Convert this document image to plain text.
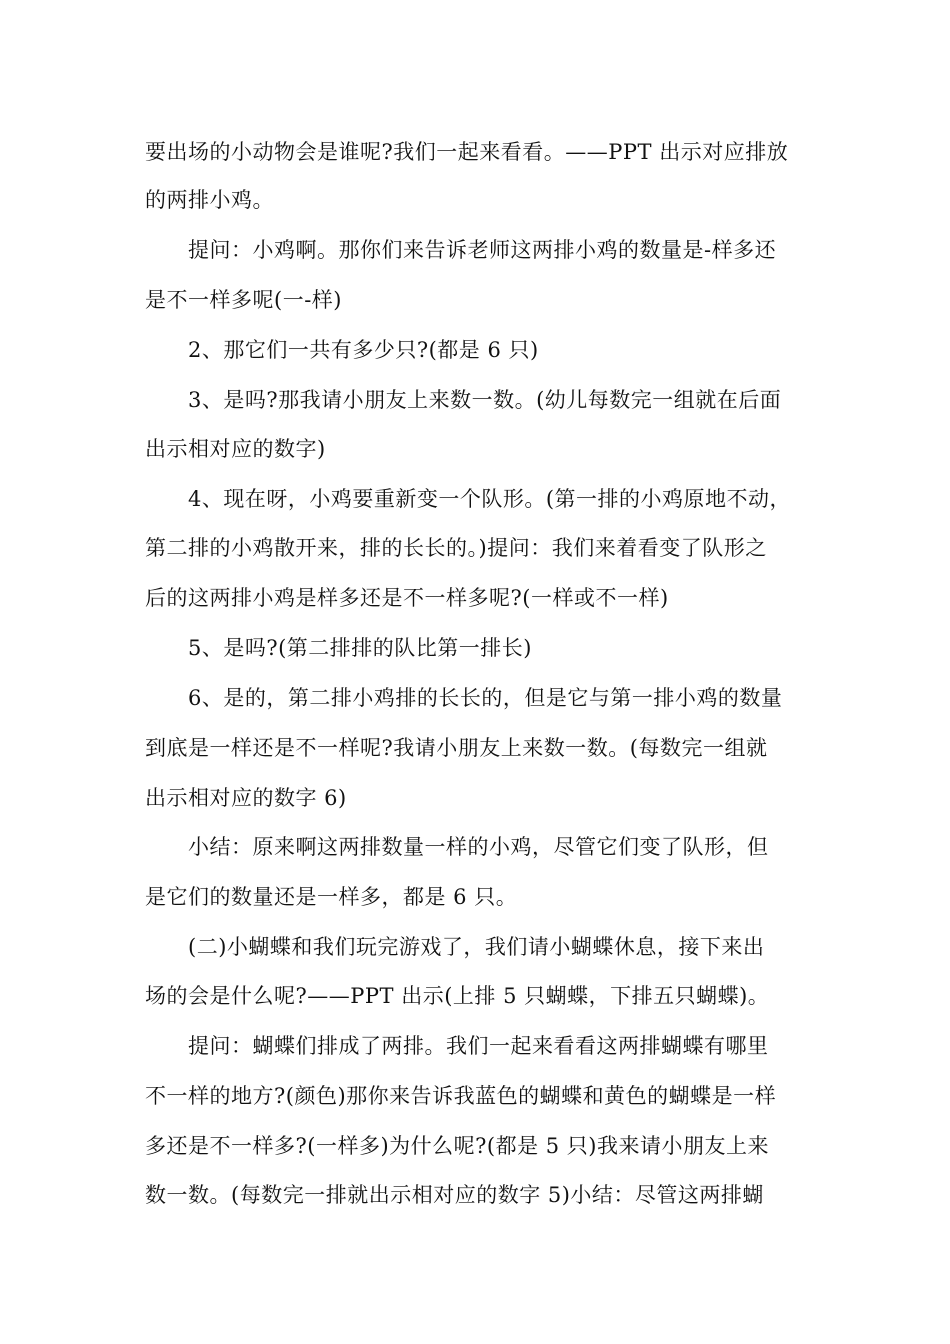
要出场的小动物会是谁呢?我们一起来看看。——PPT 出示对应排放
的两排小鸡。
提问：小鸡啊。那你们来告诉老师这两排小鸡的数量是-样多还
是不一样多呢(一-样)
2、那它们一共有多少只?(都是 6 只)
3、是吗?那我请小朋友上来数一数。(幼儿每数完一组就在后面
出示相对应的数字)
4、现在呀，小鸡要重新变一个队形。(第一排的小鸡原地不动，
第二排的小鸡散开来，排的长长的。)提问：我们来着看变了队形之
后的这两排小鸡是样多还是不一样多呢?(一样或不一样)
5、是吗?(第二排排的队比第一排长)
6、是的，第二排小鸡排的长长的，但是它与第一排小鸡的数量
到底是一样还是不一样呢?我请小朋友上来数一数。(每数完一组就
出示相对应的数字 6)
小结：原来啊这两排数量一样的小鸡，尽管它们变了队形，但
是它们的数量还是一样多，都是 6 只。
(二)小蝴蝶和我们玩完游戏了，我们请小蝴蝶休息，接下来出
场的会是什么呢?——PPT 出示(上排 5 只蝴蝶，下排五只蝴蝶)。
提问：蝴蝶们排成了两排。我们一起来看看这两排蝴蝶有哪里
不一样的地方?(颜色)那你来告诉我蓝色的蝴蝶和黄色的蝴蝶是一样
多还是不一样多?(一样多)为什么呢?(都是 5 只)我来请小朋友上来
数一数。(每数完一排就出示相对应的数字 5)小结：尽管这两排蝴
